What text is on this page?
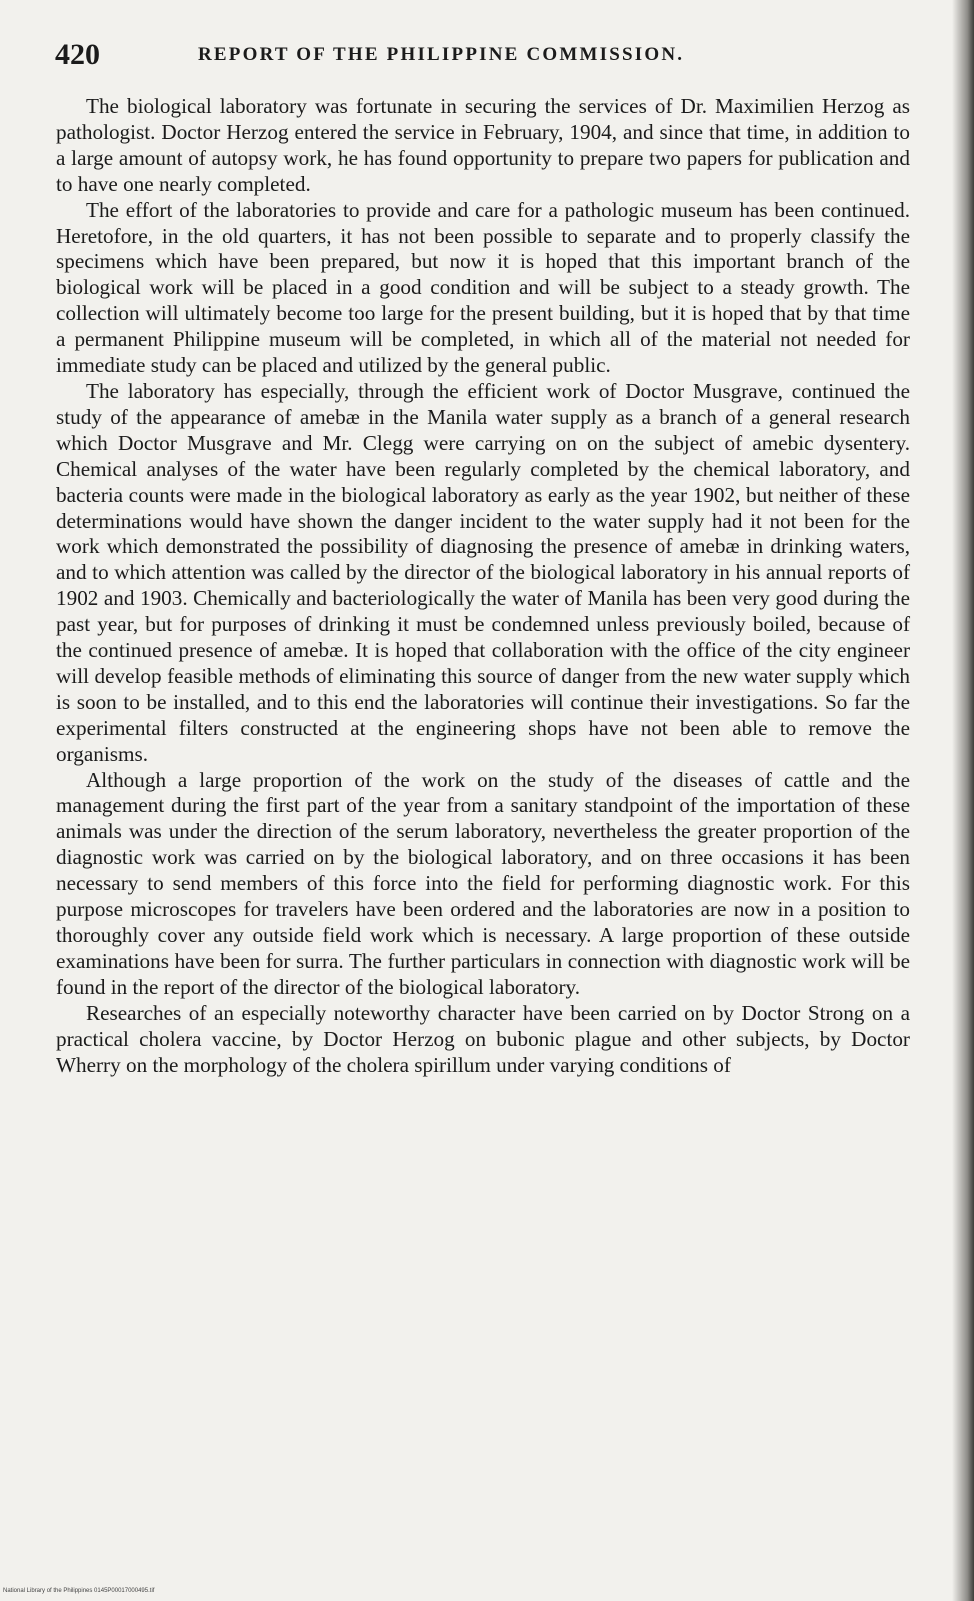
420	REPORT OF THE PHILIPPINE COMMISSION.

The biological laboratory was fortunate in securing the services of Dr. Maximilien Herzog as pathologist. Doctor Herzog entered the service in February, 1904, and since that time, in addition to a large amount of autopsy work, he has found opportunity to prepare two papers for publication and to have one nearly completed.

The effort of the laboratories to provide and care for a pathologic museum has been continued. Heretofore, in the old quarters, it has not been possible to separate and to properly classify the specimens which have been prepared, but now it is hoped that this important branch of the biological work will be placed in a good condition and will be subject to a steady growth. The collection will ultimately become too large for the present building, but it is hoped that by that time a permanent Philippine museum will be completed, in which all of the material not needed for immediate study can be placed and utilized by the general public.

The laboratory has especially, through the efficient work of Doctor Musgrave, continued the study of the appearance of amebæ in the Manila water supply as a branch of a general research which Doctor Musgrave and Mr. Clegg were carrying on on the subject of amebic dysentery. Chemical analyses of the water have been regularly completed by the chemical laboratory, and bacteria counts were made in the biological laboratory as early as the year 1902, but neither of these determinations would have shown the danger incident to the water supply had it not been for the work which demonstrated the possibility of diagnosing the presence of amebæ in drinking waters, and to which attention was called by the director of the biological laboratory in his annual reports of 1902 and 1903. Chemically and bacteriologically the water of Manila has been very good during the past year, but for purposes of drinking it must be condemned unless previously boiled, because of the continued presence of amebæ. It is hoped that collaboration with the office of the city engineer will develop feasible methods of eliminating this source of danger from the new water supply which is soon to be installed, and to this end the laboratories will continue their investigations. So far the experimental filters constructed at the engineering shops have not been able to remove the organisms.

Although a large proportion of the work on the study of the diseases of cattle and the management during the first part of the year from a sanitary standpoint of the importation of these animals was under the direction of the serum laboratory, nevertheless the greater proportion of the diagnostic work was carried on by the biological laboratory, and on three occasions it has been necessary to send members of this force into the field for performing diagnostic work. For this purpose microscopes for travelers have been ordered and the laboratories are now in a position to thoroughly cover any outside field work which is necessary. A large proportion of these outside examinations have been for surra. The further particulars in connection with diagnostic work will be found in the report of the director of the biological laboratory.

Researches of an especially noteworthy character have been carried on by Doctor Strong on a practical cholera vaccine, by Doctor Herzog on bubonic plague and other subjects, by Doctor Wherry on the morphology of the cholera spirillum under varying conditions of

National Library of the Philippines 0145P00017000495.tif
